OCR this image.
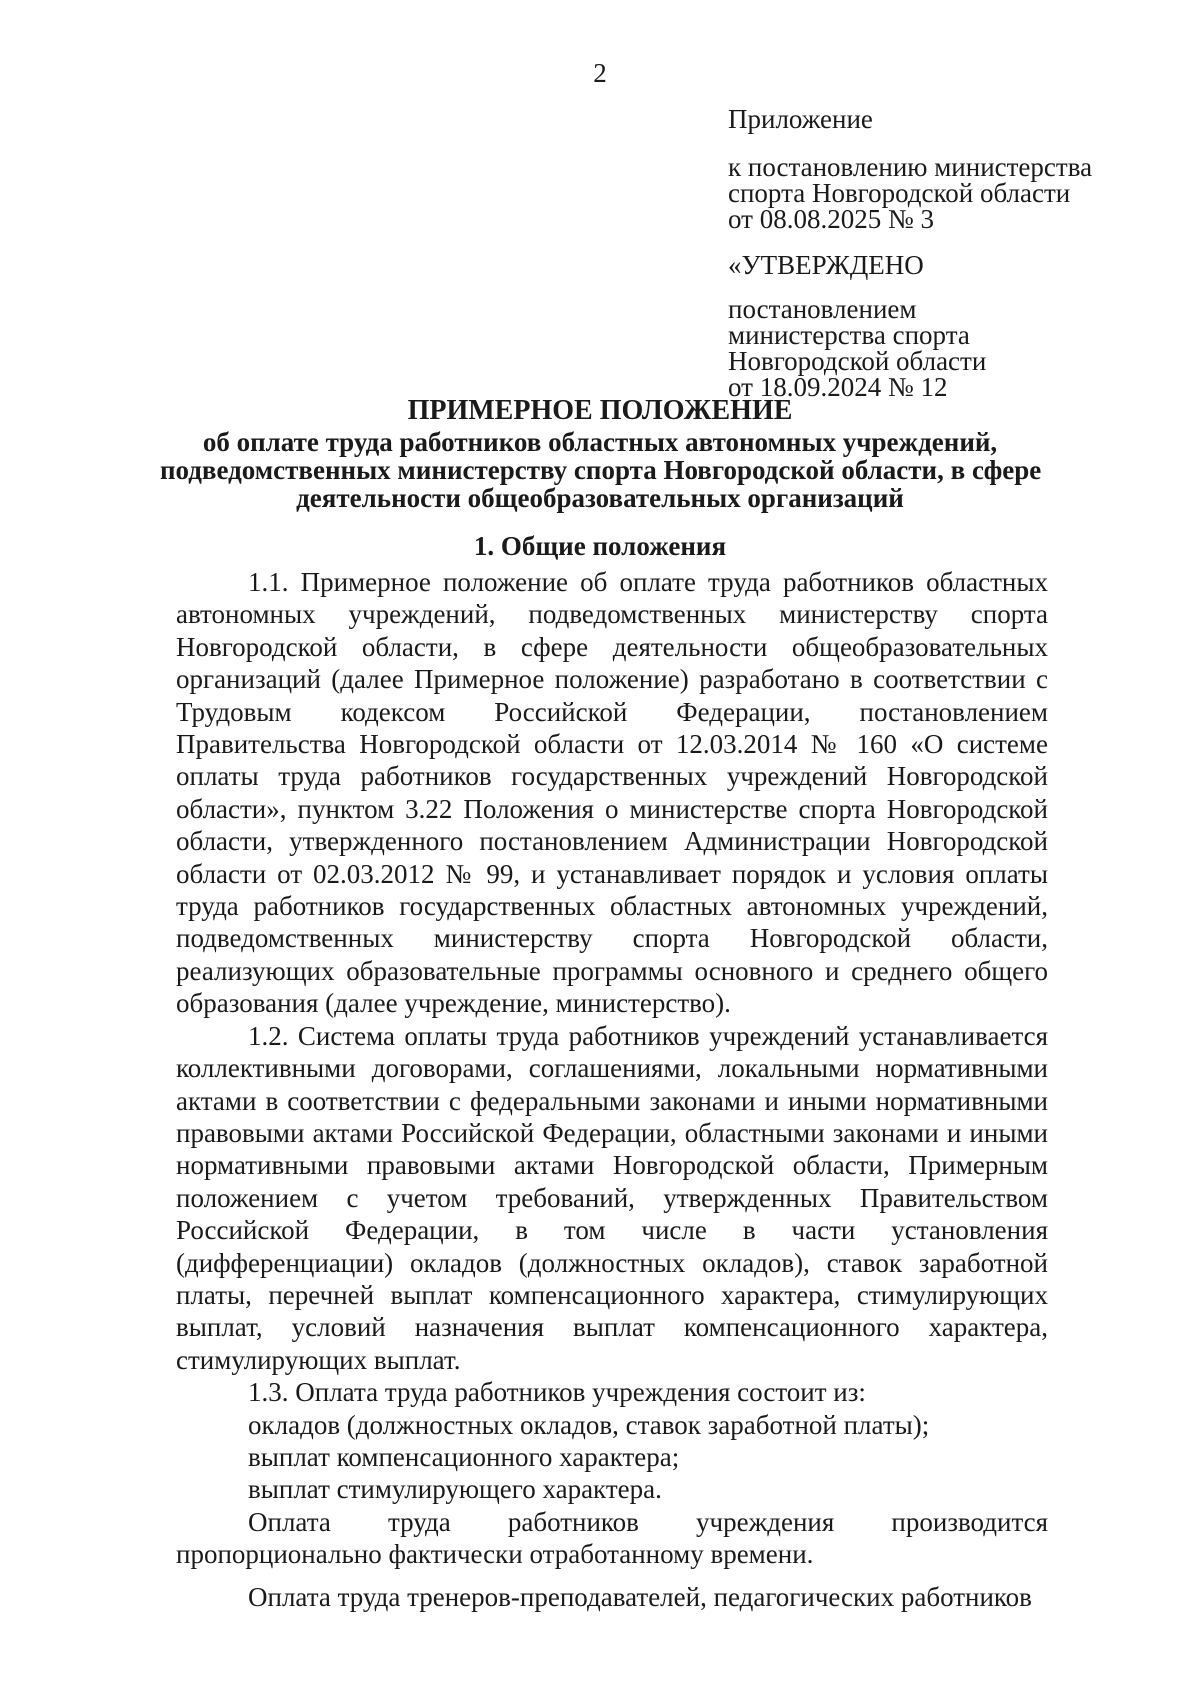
2
Приложение
к постановлению министерства
спорта Новгородской области
от 08.08.2025 № 3
«УТВЕРЖДЕНО
постановлением
министерства спорта
Новгородской области
от 18.09.2024 № 12
ПРИМЕРНОЕ ПОЛОЖЕНИЕ
об оплате труда работников областных автономных учреждений,
подведомственных министерству спорта Новгородской области, в сфере
деятельности общеобразовательных организаций
1. Общие положения

1.1. Примерное положение об оплате труда работников областных автономных учреждений, подведомственных министерству спорта Новгородской области, в сфере деятельности общеобразовательных организаций (далее Примерное положение) разработано в соответствии с Трудовым кодексом Российской Федерации, постановлением Правительства Новгородской области от 12.03.2014 № 160 «О системе оплаты труда работников государственных учреждений Новгородской области», пунктом 3.22 Положения о министерстве спорта Новгородской области, утвержденного постановлением Администрации Новгородской области от 02.03.2012 № 99, и устанавливает порядок и условия оплаты труда работников государственных областных автономных учреждений, подведомственных министерству спорта Новгородской области, реализующих образовательные программы основного и среднего общего образования (далее учреждение, министерство).

1.2. Система оплаты труда работников учреждений устанавливается коллективными договорами, соглашениями, локальными нормативными актами в соответствии с федеральными законами и иными нормативными правовыми актами Российской Федерации, областными законами и иными нормативными правовыми актами Новгородской области, Примерным положением с учетом требований, утвержденных Правительством Российской Федерации, в том числе в части установления (дифференциации) окладов (должностных окладов), ставок заработной платы, перечней выплат компенсационного характера, стимулирующих выплат, условий назначения выплат компенсационного характера, стимулирующих выплат.

1.3. Оплата труда работников учреждения состоит из:

окладов (должностных окладов, ставок заработной платы);

выплат компенсационного характера;

выплат стимулирующего характера.

Оплата труда работников учреждения производится пропорционально фактически отработанному времени.

Оплата труда тренеров-преподавателей, педагогических работников
